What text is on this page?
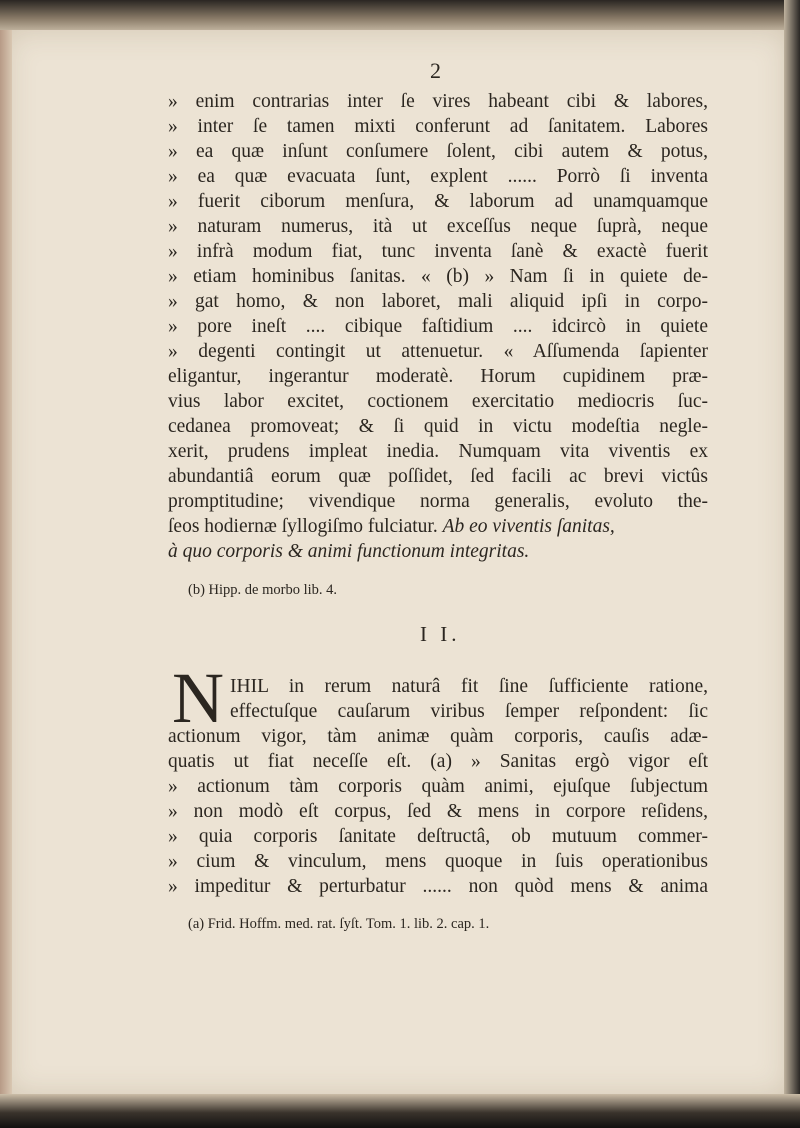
2
» enim contrarias inter ſe vires habeant cibi & labores,
» inter ſe tamen mixti conferunt ad ſanitatem. Labores
» ea quæ inſunt conſumere ſolent, cibi autem & potus,
» ea quæ evacuata ſunt, explent ...... Porrò ſi inventa
» fuerit ciborum menſura, & laborum ad unamquamque
» naturam numerus, ità ut exceſſus neque ſuprà, neque
» infrà modum fiat, tunc inventa ſanè & exactè fuerit
» etiam hominibus ſanitas. « (b) » Nam ſi in quiete de-
» gat homo, & non laboret, mali aliquid ipſi in corpo-
» pore ineſt .... cibique faſtidium .... idcircò in quiete
» degenti contingit ut attenuetur. « Aſſumenda ſapienter
eligantur, ingerantur moderatè. Horum cupidinem præ-
vius labor excitet, coctionem exercitatio mediocris ſuc-
cedanea promoveat; & ſi quid in victu modeſtia negle-
xerit, prudens impleat inedia. Numquam vita viventis ex
abundantiâ eorum quæ poſſidet, ſed facili ac brevi victûs
promptitudine; vivendique norma generalis, evoluto the-
ſeos hodiernæ ſyllogiſmo fulciatur. Ab eo viventis ſanitas,
à quo corporis & animi functionum integritas.
(b) Hipp. de morbo lib. 4.
I I.
N IHIL in rerum naturâ fit ſine ſufficiente ratione,
effectuſque cauſarum viribus ſemper reſpondent: ſic
actionum vigor, tàm animæ quàm corporis, cauſis adæ-
quatis ut fiat neceſſe eſt. (a) » Sanitas ergò vigor eſt
» actionum tàm corporis quàm animi, ejuſque ſubjectum
» non modò eſt corpus, ſed & mens in corpore reſidens,
» quia corporis ſanitate deſtructâ, ob mutuum commer-
» cium & vinculum, mens quoque in ſuis operationibus
» impeditur & perturbatur ...... non quòd mens & anima
(a) Frid. Hoffm. med. rat. ſyſt. Tom. 1. lib. 2. cap. 1.
